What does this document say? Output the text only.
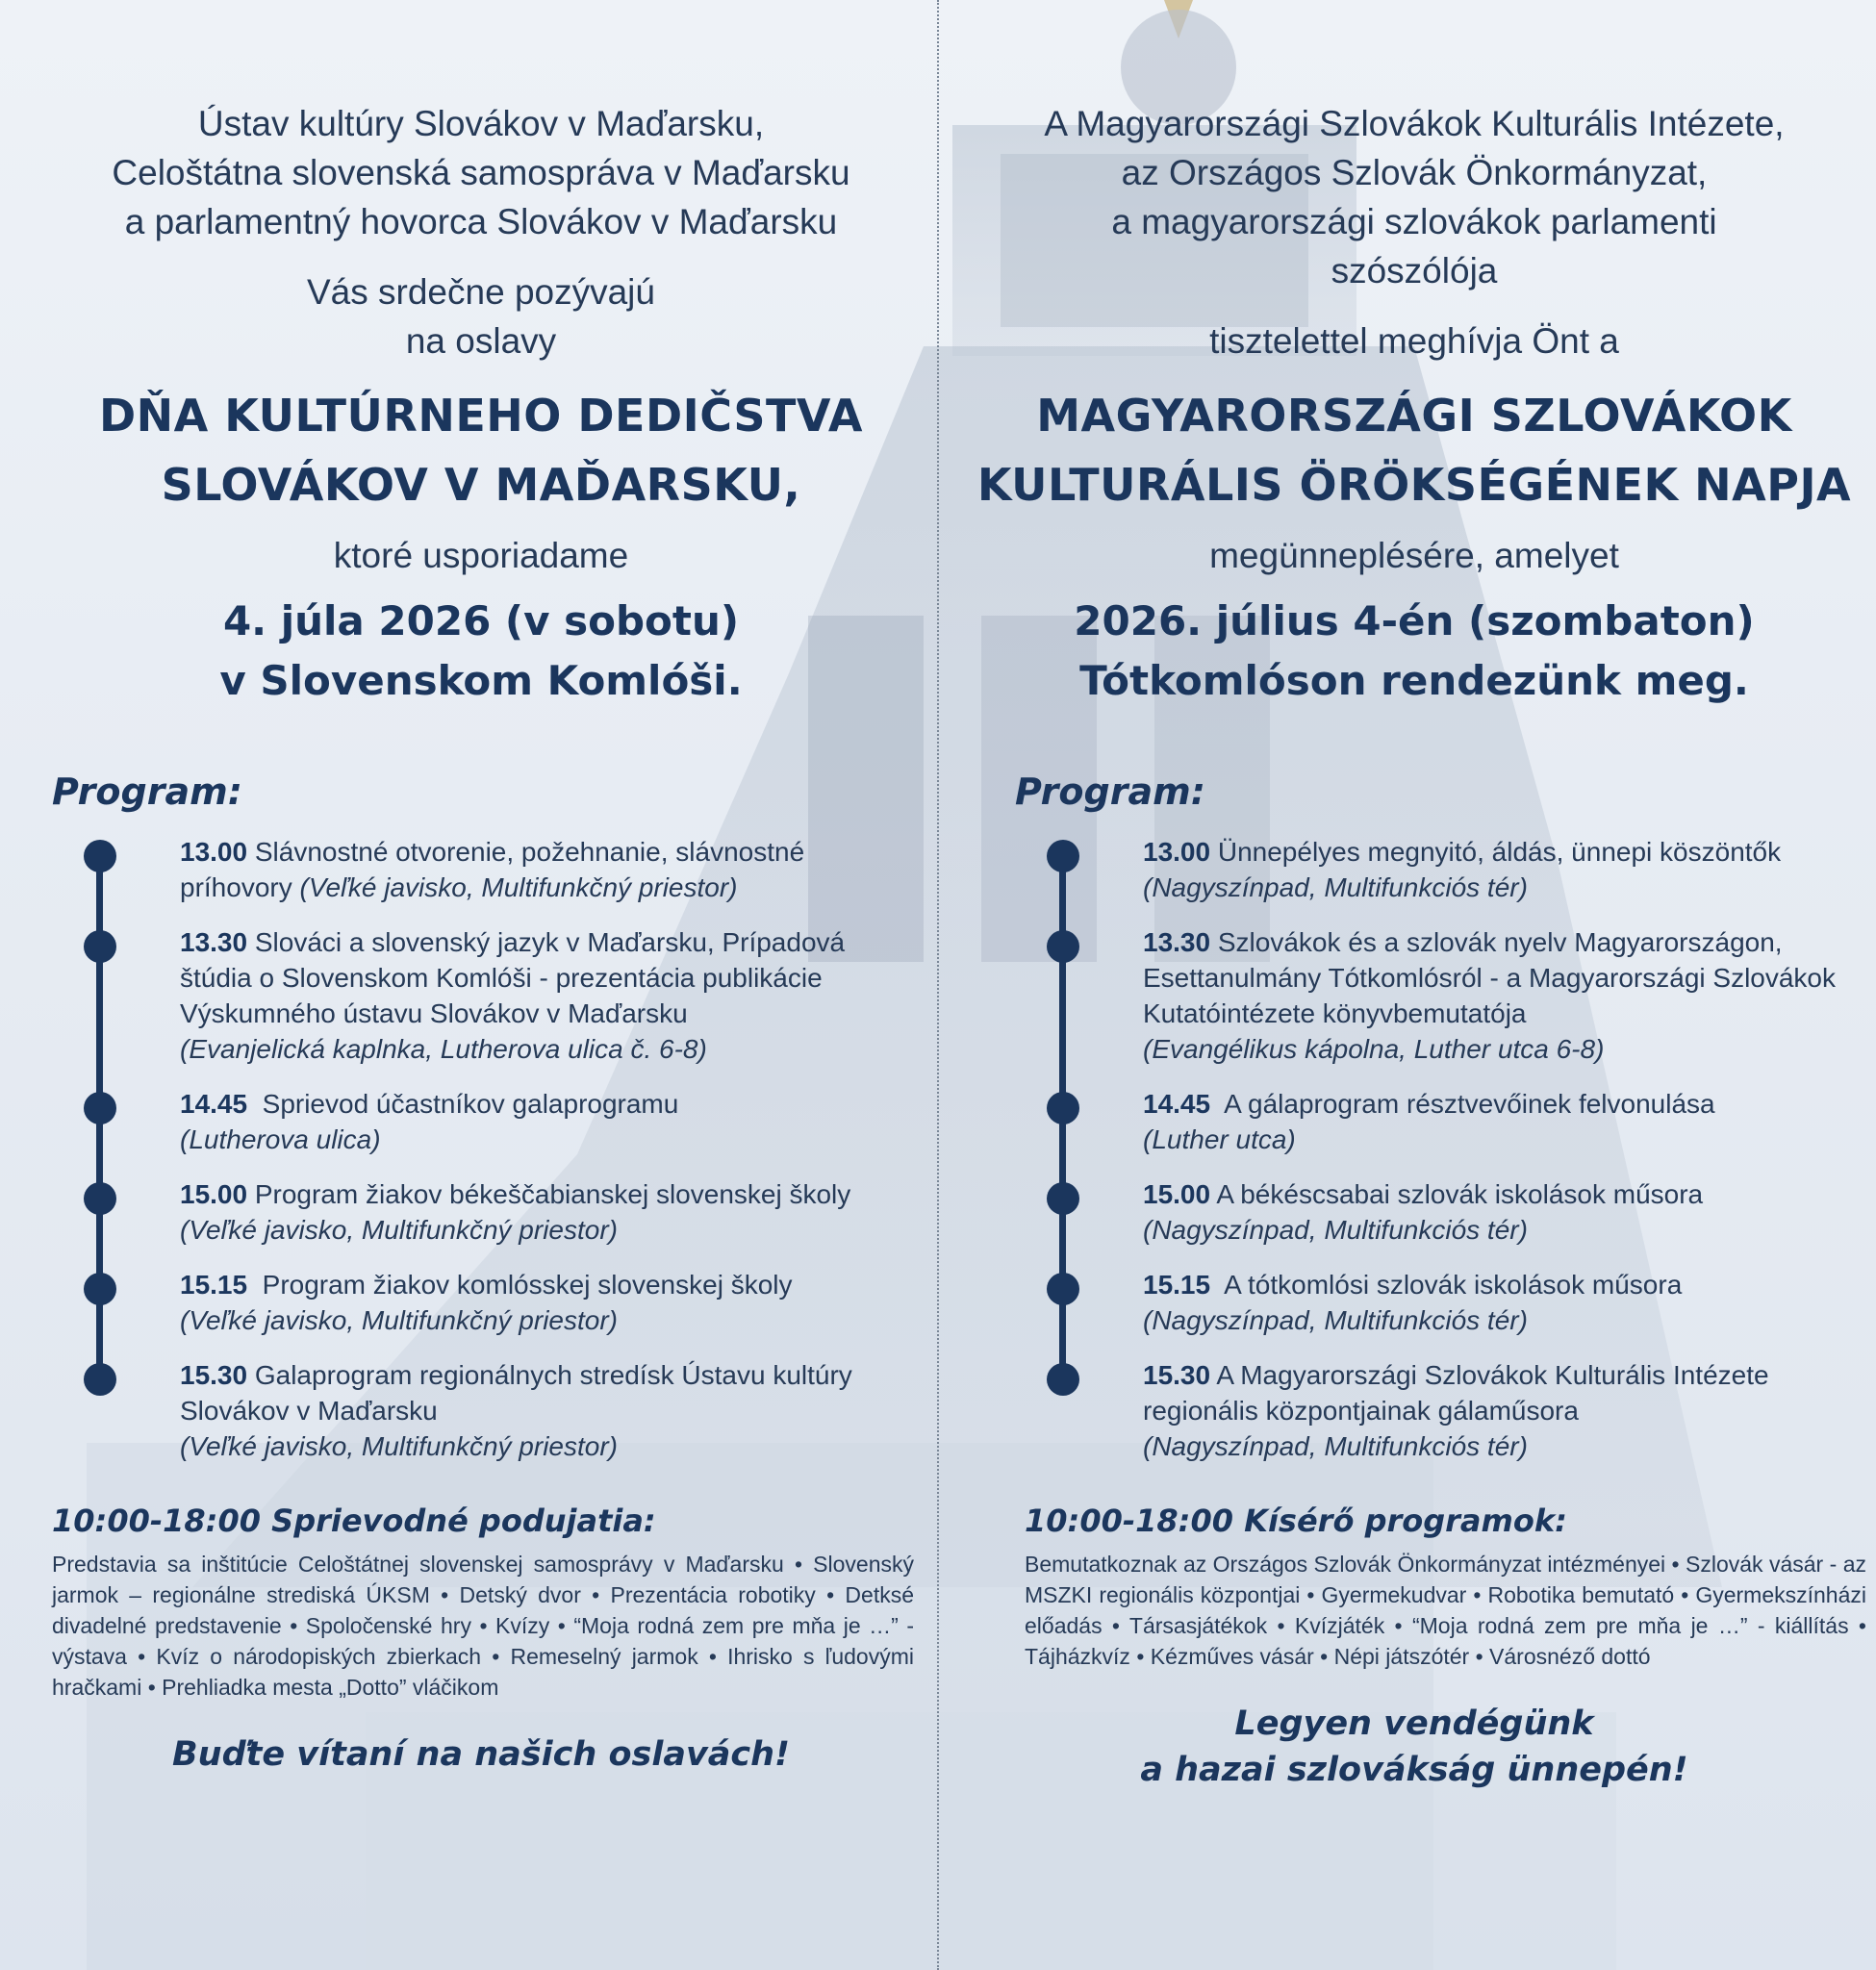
Ústav kultúry Slovákov v Maďarsku,
Celoštátna slovenská samospráva v Maďarsku
a parlamentný hovorca Slovákov v Maďarsku
Vás srdečne pozývajú
na oslavy
DŇA KULTÚRNEHO DEDIČSTVA
SLOVÁKOV V MAĎARSKU,
ktoré usporiadame
4. júla 2026 (v sobotu)
v Slovenskom Komlóši.
Program:
13.00 Slávnostné otvorenie, požehnanie, slávnostné príhovory (Veľké javisko, Multifunkčný priestor)
13.30 Slováci a slovenský jazyk v Maďarsku, Prípadová štúdia o Slovenskom Komlóši - prezentácia publikácie Výskumného ústavu Slovákov v Maďarsku
(Evanjelická kaplnka, Lutherova ulica č. 6-8)
14.45 Sprievod účastníkov galaprogramu
(Lutherova ulica)
15.00 Program žiakov békeščabianskej slovenskej školy
(Veľké javisko, Multifunkčný priestor)
15.15 Program žiakov komlósskej slovenskej školy
(Veľké javisko, Multifunkčný priestor)
15.30 Galaprogram regionálnych stredísk Ústavu kultúry Slovákov v Maďarsku
(Veľké javisko, Multifunkčný priestor)
10:00-18:00 Sprievodné podujatia:
Predstavia sa inštitúcie Celoštátnej slovenskej samosprávy v Maďarsku • Slovenský jarmok – regionálne strediská ÚKSM • Detský dvor • Prezentácia robotiky • Detksé divadelné predstavenie • Spoločenské hry • Kvízy • “Moja rodná zem pre mňa je …” - výstava • Kvíz o národopiských zbierkach • Remeselný jarmok • Ihrisko s ľudovými hračkami • Prehliadka mesta „Dotto” vláčikom
Buďte vítaní na našich oslavách!
A Magyarországi Szlovákok Kulturális Intézete,
az Országos Szlovák Önkormányzat,
a magyarországi szlovákok parlamenti
szószólója
tisztelettel meghívja Önt a
MAGYARORSZÁGI SZLOVÁKOK
KULTURÁLIS ÖRÖKSÉGÉNEK NAPJA
megünneplésére, amelyet
2026. július 4-én (szombaton)
Tótkomlóson rendezünk meg.
Program:
13.00 Ünnepélyes megnyitó, áldás, ünnepi köszöntők
(Nagyszínpad, Multifunkciós tér)
13.30 Szlovákok és a szlovák nyelv Magyarországon, Esettanulmány Tótkomlósról - a Magyarországi Szlovákok Kutatóintézete könyvbemutatója
(Evangélikus kápolna, Luther utca 6-8)
14.45 A gálaprogram résztvevőinek felvonulása
(Luther utca)
15.00 A békéscsabai szlovák iskolások műsora
(Nagyszínpad, Multifunkciós tér)
15.15 A tótkomlósi szlovák iskolások műsora
(Nagyszínpad, Multifunkciós tér)
15.30 A Magyarországi Szlovákok Kulturális Intézete regionális központjainak gálaműsora
(Nagyszínpad, Multifunkciós tér)
10:00-18:00 Kísérő programok:
Bemutatkoznak az Országos Szlovák Önkormányzat intézményei • Szlovák vásár - az MSZKI regionális központjai • Gyermekudvar • Robotika bemutató • Gyermekszínházi előadás • Társasjátékok • Kvízjáték • “Moja rodná zem pre mňa je …” - kiállítás • Tájházkvíz • Kézműves vásár • Népi játszótér • Városnéző dottó
Legyen vendégünk
a hazai szlovákság ünnepén!
